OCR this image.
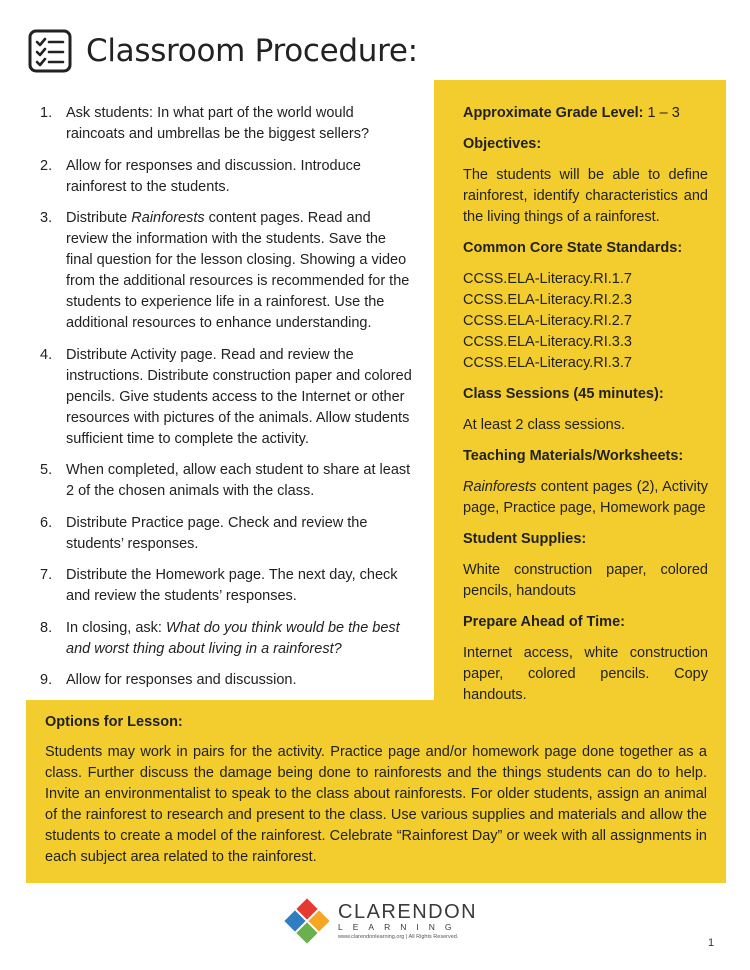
Classroom Procedure:
1. Ask students: In what part of the world would raincoats and umbrellas be the biggest sellers?
2. Allow for responses and discussion. Introduce rainforest to the students.
3. Distribute Rainforests content pages. Read and review the information with the students. Save the final question for the lesson closing. Showing a video from the additional resources is recommended for the students to experience life in a rainforest. Use the additional resources to enhance understanding.
4. Distribute Activity page. Read and review the instructions. Distribute construction paper and colored pencils. Give students access to the Internet or other resources with pictures of the animals. Allow students sufficient time to complete the activity.
5. When completed, allow each student to share at least 2 of the chosen animals with the class.
6. Distribute Practice page. Check and review the students’ responses.
7. Distribute the Homework page. The next day, check and review the students’ responses.
8. In closing, ask: What do you think would be the best and worst thing about living in a rainforest?
9. Allow for responses and discussion.
Approximate Grade Level: 1 – 3
Objectives:
The students will be able to define rainforest, identify characteristics and the living things of a rainforest.
Common Core State Standards:
CCSS.ELA-Literacy.RI.1.7
CCSS.ELA-Literacy.RI.2.3
CCSS.ELA-Literacy.RI.2.7
CCSS.ELA-Literacy.RI.3.3
CCSS.ELA-Literacy.RI.3.7
Class Sessions (45 minutes):
At least 2 class sessions.
Teaching Materials/Worksheets:
Rainforests content pages (2), Activity page, Practice page, Homework page
Student Supplies:
White construction paper, colored pencils, handouts
Prepare Ahead of Time:
Internet access, white construction paper, colored pencils. Copy handouts.
Options for Lesson:
Students may work in pairs for the activity. Practice page and/or homework page done together as a class. Further discuss the damage being done to rainforests and the things students can do to help. Invite an environmentalist to speak to the class about rainforests. For older students, assign an animal of the rainforest to research and present to the class. Use various supplies and materials and allow the students to create a model of the rainforest. Celebrate “Rainforest Day” or week with all assignments in each subject area related to the rainforest.
CLARENDON
LEARNING
www.clarendonlearning.org | All Rights Reserved.
1
